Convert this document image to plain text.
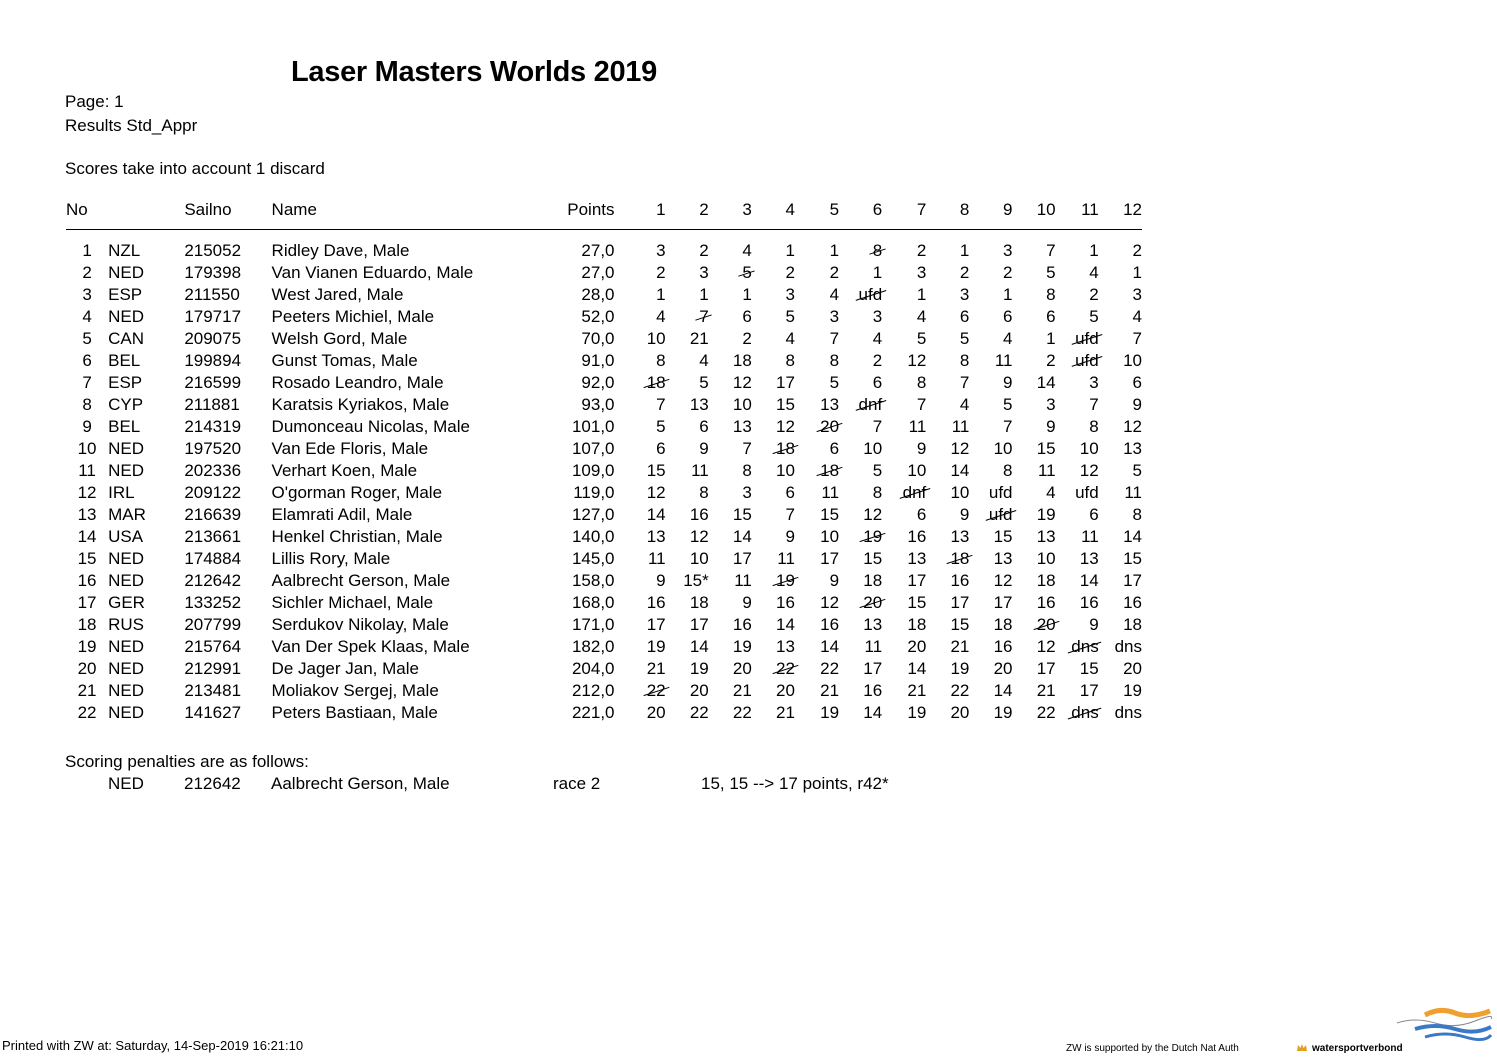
Laser Masters Worlds 2019
Page: 1
Results Std_Appr
Scores take into account 1 discard
No		Sailno	Name	Points	1	2	3	4	5	6	7	8	9	10	11	12
1	NZL	215052	Ridley Dave, Male	27,0	3	2	4	1	1	8	2	1	3	7	1	2
2	NED	179398	Van Vianen Eduardo, Male	27,0	2	3	5	2	2	1	3	2	2	5	4	1
3	ESP	211550	West Jared, Male	28,0	1	1	1	3	4	ufd	1	3	1	8	2	3
4	NED	179717	Peeters Michiel, Male	52,0	4	7	6	5	3	3	4	6	6	6	5	4
5	CAN	209075	Welsh Gord, Male	70,0	10	21	2	4	7	4	5	5	4	1	ufd	7
6	BEL	199894	Gunst Tomas, Male	91,0	8	4	18	8	8	2	12	8	11	2	ufd	10
7	ESP	216599	Rosado Leandro, Male	92,0	18	5	12	17	5	6	8	7	9	14	3	6
8	CYP	211881	Karatsis Kyriakos, Male	93,0	7	13	10	15	13	dnf	7	4	5	3	7	9
9	BEL	214319	Dumonceau Nicolas, Male	101,0	5	6	13	12	20	7	11	11	7	9	8	12
10	NED	197520	Van Ede Floris, Male	107,0	6	9	7	18	6	10	9	12	10	15	10	13
11	NED	202336	Verhart Koen, Male	109,0	15	11	8	10	18	5	10	14	8	11	12	5
12	IRL	209122	O'gorman Roger, Male	119,0	12	8	3	6	11	8	dnf	10	ufd	4	ufd	11
13	MAR	216639	Elamrati Adil, Male	127,0	14	16	15	7	15	12	6	9	ufd	19	6	8
14	USA	213661	Henkel Christian, Male	140,0	13	12	14	9	10	19	16	13	15	13	11	14
15	NED	174884	Lillis Rory, Male	145,0	11	10	17	11	17	15	13	18	13	10	13	15
16	NED	212642	Aalbrecht Gerson, Male	158,0	9	15*	11	19	9	18	17	16	12	18	14	17
17	GER	133252	Sichler Michael, Male	168,0	16	18	9	16	12	20	15	17	17	16	16	16
18	RUS	207799	Serdukov Nikolay, Male	171,0	17	17	16	14	16	13	18	15	18	20	9	18
19	NED	215764	Van Der Spek Klaas, Male	182,0	19	14	19	13	14	11	20	21	16	12	dns	dns
20	NED	212991	De Jager Jan, Male	204,0	21	19	20	22	22	17	14	19	20	17	15	20
21	NED	213481	Moliakov Sergej, Male	212,0	22	20	21	20	21	16	21	22	14	21	17	19
22	NED	141627	Peters Bastiaan, Male	221,0	20	22	22	21	19	14	19	20	19	22	dns	dns
Scoring penalties are as follows:
NED 212642 Aalbrecht Gerson, Male	race 2	15, 15 --> 17 points, r42*
Printed with ZW at: Saturday, 14-Sep-2019 16:21:10	ZW is supported by the Dutch Nat Auth	watersportverbond
